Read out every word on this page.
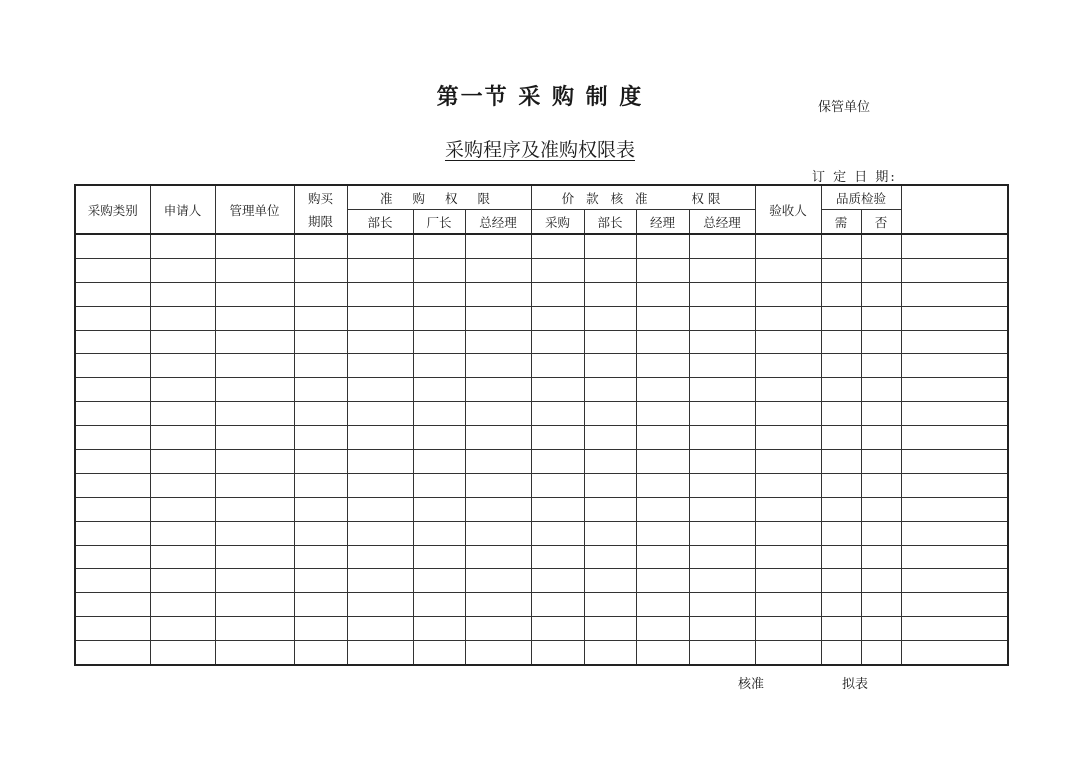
第一节 采 购 制 度	保管单位
采购程序及准购权限表
订 定 日 期:
采购类别	申请人	管理单位	购买	准 购 权 限			价 款 核 准     权限				验收人	品质检验		
			期限	部长	厂长	总经理	采购	部长	经理	总经理		需	否	

核准	拟表
